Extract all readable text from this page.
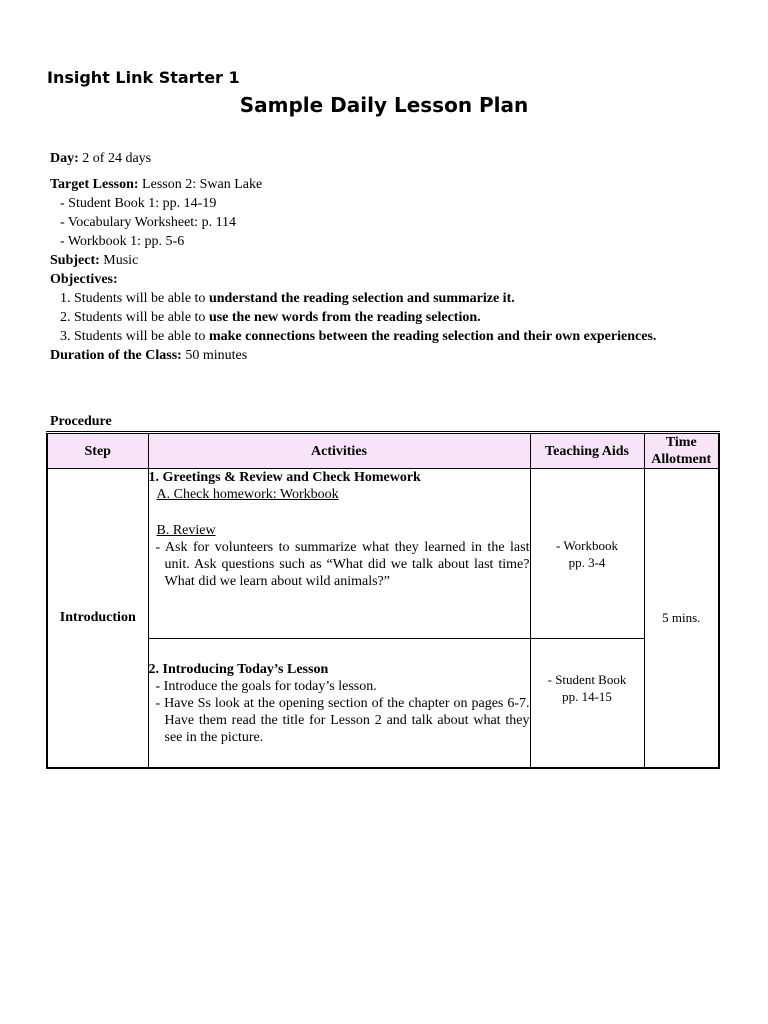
Insight Link Starter 1
Sample Daily Lesson Plan
Day: 2 of 24 days
Target Lesson: Lesson 2: Swan Lake
- Student Book 1: pp. 14-19
- Vocabulary Worksheet: p. 114
- Workbook 1: pp. 5-6
Subject: Music
Objectives:
1. Students will be able to understand the reading selection and summarize it.
2. Students will be able to use the new words from the reading selection.
3. Students will be able to make connections between the reading selection and their own experiences.
Duration of the Class: 50 minutes
Procedure
Step	Activities	Teaching Aids	Time Allotment
Introduction	1. Greetings & Review and Check Homework
A. Check homework: Workbook
B. Review
- Ask for volunteers to summarize what they learned in the last unit. Ask questions such as “What did we talk about last time? What did we learn about wild animals?”	- Workbook
pp. 3-4	5 mins.

	2. Introducing Today’s Lesson
- Introduce the goals for today’s lesson.
- Have Ss look at the opening section of the chapter on pages 6-7. Have them read the title for Lesson 2 and talk about what they see in the picture.	- Student Book
pp. 14-15	
